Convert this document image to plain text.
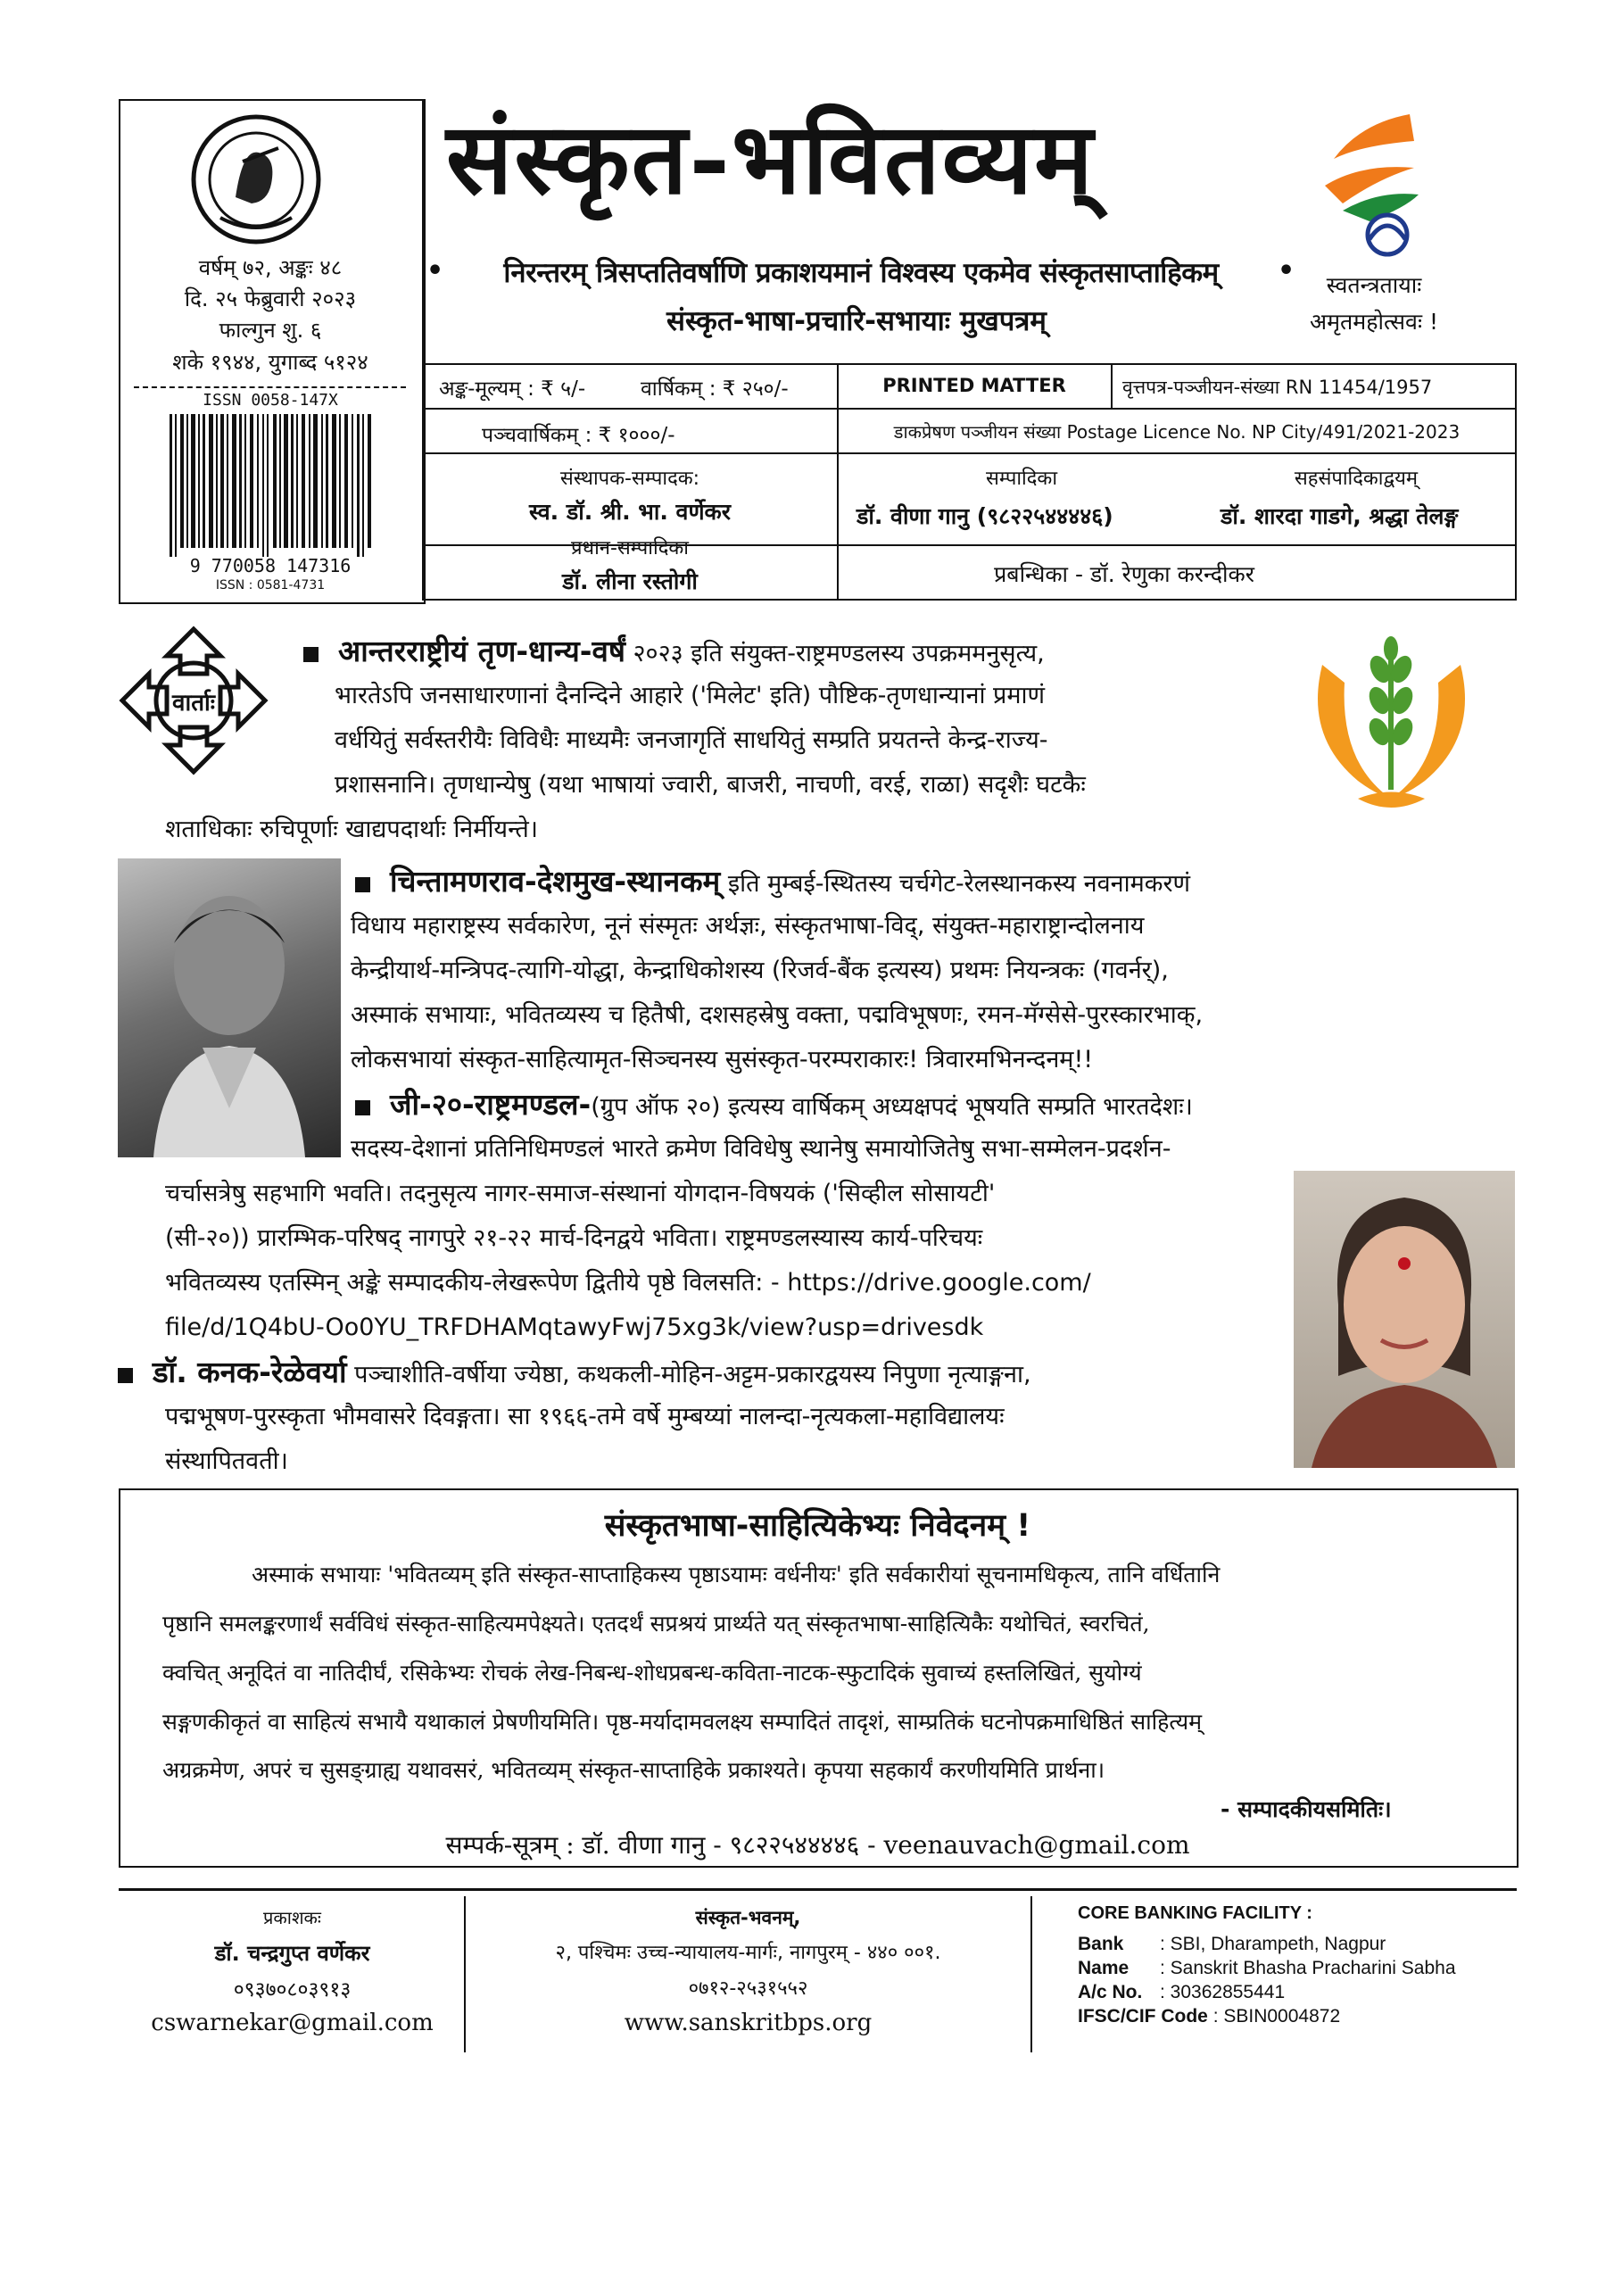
वर्षम् ७२, अङ्कः ४८
दि. २५ फेब्रुवारी २०२३
फाल्गुन शु. ६
शके १९४४, युगाब्द ५१२४
ISSN 0058-147X
9 770058 147316
ISSN : 0581-4731
संस्कृत-भवितव्यम्
स्वतन्त्रतायाः
अमृतमहोत्सवः !
•	निरन्तरम् त्रिसप्ततिवर्षाणि प्रकाशयमानं विश्वस्य एकमेव संस्कृतसाप्ताहिकम्	•
संस्कृत-भाषा-प्रचारि-सभायाः मुखपत्रम्
अङ्क-मूल्यम् : ₹ ५/-	वार्षिकम् : ₹ २५०/-
पञ्चवार्षिकम् : ₹ १०००/-
PRINTED MATTER	वृत्तपत्र-पञ्जीयन-संख्या RN 11454/1957
डाकप्रेषण पञ्जीयन संख्या Postage Licence No. NP City/491/2021-2023
संस्थापक-सम्पादक:
स्व. डॉ. श्री. भा. वर्णेकर
प्रधान-सम्पादिका
डॉ. लीना रस्तोगी
सम्पादिका	सहसंपादिकाद्वयम्
डॉ. वीणा गानु (९८२२५४४४४६)	डॉ. शारदा गाडगे, श्रद्धा तेलङ्ग
प्रबन्धिका - डॉ. रेणुका करन्दीकर
वार्ताः
आन्तरराष्ट्रीयं तृण-धान्य-वर्षं २०२३ इति संयुक्त-राष्ट्रमण्डलस्य उपक्रममनुसृत्य,
भारतेऽपि जनसाधारणानां दैनन्दिने आहारे ('मिलेट' इति) पौष्टिक-तृणधान्यानां प्रमाणं
वर्धयितुं सर्वस्तरीयैः विविधैः माध्यमैः जनजागृतिं साधयितुं सम्प्रति प्रयतन्ते केन्द्र-राज्य-
प्रशासनानि। तृणधान्येषु (यथा भाषायां ज्वारी, बाजरी, नाचणी, वरई, राळा) सदृशैः घटकैः
शताधिकाः रुचिपूर्णाः खाद्यपदार्थाः निर्मीयन्ते।
चिन्तामणराव-देशमुख-स्थानकम् इति मुम्बई-स्थितस्य चर्चगेट-रेलस्थानकस्य नवनामकरणं
विधाय महाराष्ट्रस्य सर्वकारेण, नूनं संस्मृतः अर्थज्ञः, संस्कृतभाषा-विद्, संयुक्त-महाराष्ट्रान्दोलनाय
केन्द्रीयार्थ-मन्त्रिपद-त्यागि-योद्धा, केन्द्राधिकोशस्य (रिजर्व-बैंक इत्यस्य) प्रथमः नियन्त्रकः (गवर्नर्),
अस्माकं सभायाः, भवितव्यस्य च हितैषी, दशसहस्रेषु वक्ता, पद्मविभूषणः, रमन-मॅग्सेसे-पुरस्कारभाक्,
लोकसभायां संस्कृत-साहित्यामृत-सिञ्चनस्य सुसंस्कृत-परम्पराकारः! त्रिवारमभिनन्दनम्!!
जी-२०-राष्ट्रमण्डल-(ग्रुप ऑफ २०) इत्यस्य वार्षिकम् अध्यक्षपदं भूषयति सम्प्रति भारतदेशः।
सदस्य-देशानां प्रतिनिधिमण्डलं भारते क्रमेण विविधेषु स्थानेषु समायोजितेषु सभा-सम्मेलन-प्रदर्शन-
चर्चासत्रेषु सहभागि भवति। तदनुसृत्य नागर-समाज-संस्थानां योगदान-विषयकं ('सिव्हील सोसायटी'
(सी-२०)) प्रारम्भिक-परिषद् नागपुरे २१-२२ मार्च-दिनद्वये भविता। राष्ट्रमण्डलस्यास्य कार्य-परिचयः
भवितव्यस्य एतस्मिन् अङ्के सम्पादकीय-लेखरूपेण द्वितीये पृष्ठे विलसति: - https://drive.google.com/
file/d/1Q4bU-Oo0YU_TRFDHAMqtawyFwj75xg3k/view?usp=drivesdk
डॉ. कनक-रेळेवर्या पञ्चाशीति-वर्षीया ज्येष्ठा, कथकली-मोहिन-अट्टम-प्रकारद्वयस्य निपुणा नृत्याङ्गना,
पद्मभूषण-पुरस्कृता भौमवासरे दिवङ्गता। सा १९६६-तमे वर्षे मुम्बय्यां नालन्दा-नृत्यकला-महाविद्यालयः
संस्थापितवती।
संस्कृतभाषा-साहित्यिकेभ्यः निवेदनम् !
अस्माकं सभायाः 'भवितव्यम् इति संस्कृत-साप्ताहिकस्य पृष्ठाऽयामः वर्धनीयः' इति सर्वकारीयां सूचनामधिकृत्य, तानि वर्धितानि
पृष्ठानि समलङ्करणार्थं सर्वविधं संस्कृत-साहित्यमपेक्ष्यते। एतदर्थं सप्रश्रयं प्रार्थ्यते यत् संस्कृतभाषा-साहित्यिकैः यथोचितं, स्वरचितं,
क्वचित् अनूदितं वा नातिदीर्घं, रसिकेभ्यः रोचकं लेख-निबन्ध-शोधप्रबन्ध-कविता-नाटक-स्फुटादिकं सुवाच्यं हस्तलिखितं, सुयोग्यं
सङ्गणकीकृतं वा साहित्यं सभायै यथाकालं प्रेषणीयमिति। पृष्ठ-मर्यादामवलक्ष्य सम्पादितं तादृशं, साम्प्रतिकं घटनोपक्रमाधिष्ठितं साहित्यम्
अग्रक्रमेण, अपरं च सुसङ्ग्राह्य यथावसरं, भवितव्यम् संस्कृत-साप्ताहिके प्रकाश्यते। कृपया सहकार्यं करणीयमिति प्रार्थना।
- सम्पादकीयसमितिः।
सम्पर्क-सूत्रम् : डॉ. वीणा गानु - ९८२२५४४४४६ - veenauvach@gmail.com
प्रकाशकः
डॉ. चन्द्रगुप्त वर्णेकर
०९३७०८०३९१३
cswarnekar@gmail.com
संस्कृत-भवनम्,
२, पश्चिमः उच्च-न्यायालय-मार्गः, नागपुरम् - ४४० ००१.
०७१२-२५३१५५२
www.sanskritbps.org
CORE BANKING FACILITY :
Bank : SBI, Dharampeth, Nagpur
Name : Sanskrit Bhasha Pracharini Sabha
A/c No. : 30362855441
IFSC/CIF Code : SBIN0004872
